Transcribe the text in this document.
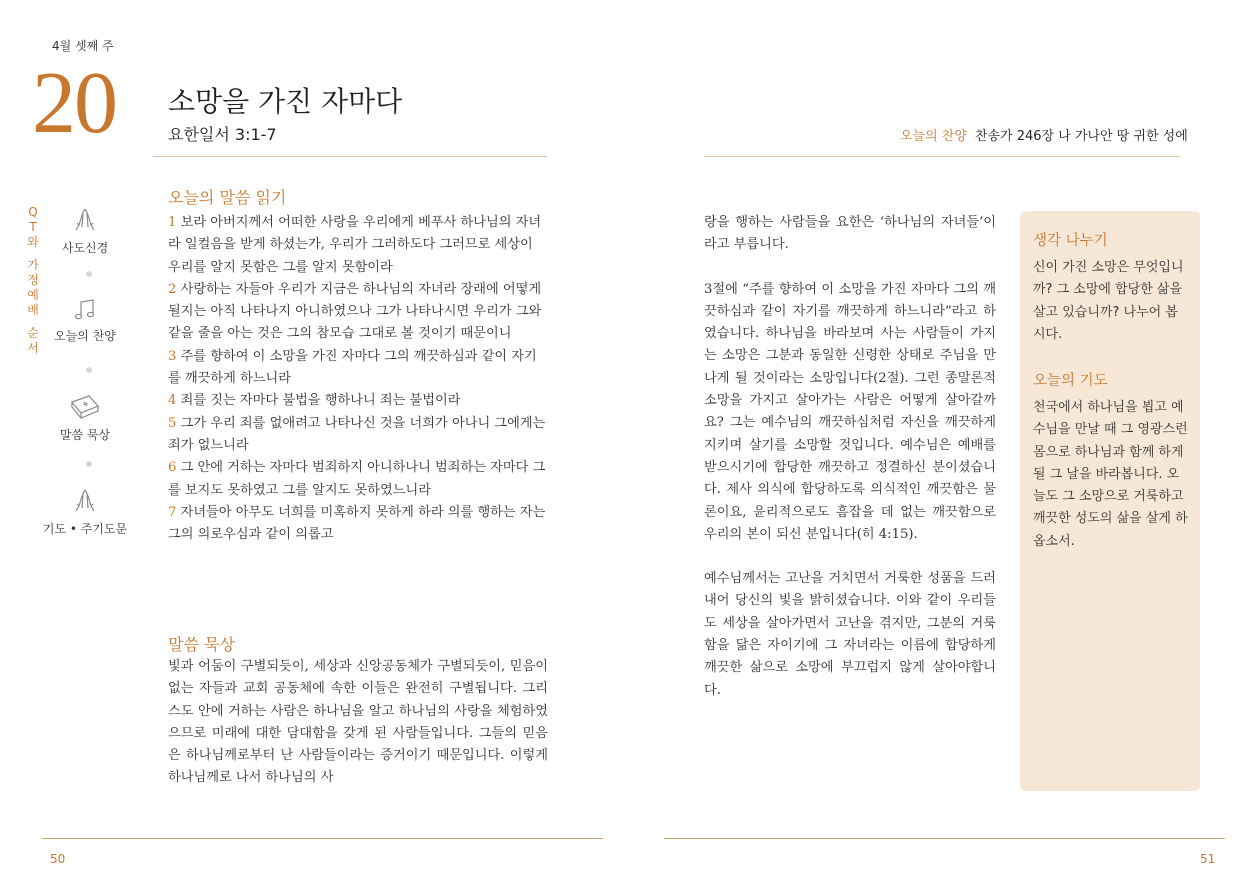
4월 셋째 주
20 소망을 가진 자마다
요한일서 3:1-7	오늘의 찬양 찬송가 246장 나 가나안 땅 귀한 성에
Q
T
와
가
정
예
배
순
서
사도신경
오늘의 찬양
말씀 묵상
기도 • 주기도문
오늘의 말씀 읽기

1 보라 아버지께서 어떠한 사랑을 우리에게 베푸사 하나님의 자녀라 일컬음을 받게 하셨는가, 우리가 그러하도다 그러므로 세상이 우리를 알지 못함은 그를 알지 못함이라

2 사랑하는 자들아 우리가 지금은 하나님의 자녀라 장래에 어떻게 될지는 아직 나타나지 아니하였으나 그가 나타나시면 우리가 그와 같을 줄을 아는 것은 그의 참모습 그대로 볼 것이기 때문이니

3 주를 향하여 이 소망을 가진 자마다 그의 깨끗하심과 같이 자기를 깨끗하게 하느니라

4 죄를 짓는 자마다 불법을 행하나니 죄는 불법이라

5 그가 우리 죄를 없애려고 나타나신 것을 너희가 아나니 그에게는 죄가 없느니라

6 그 안에 거하는 자마다 범죄하지 아니하나니 범죄하는 자마다 그를 보지도 못하였고 그를 알지도 못하였느니라

7 자녀들아 아무도 너희를 미혹하지 못하게 하라 의를 행하는 자는 그의 의로우심과 같이 의롭고

말씀 묵상
빛과 어둠이 구별되듯이, 세상과 신앙공동체가 구별되듯이, 믿음이 없는 자들과 교회 공동체에 속한 이들은 완전히 구별됩니다. 그리스도 안에 거하는 사람은 하나님을 알고 하나님의 사랑을 체험하였으므로 미래에 대한 담대함을 갖게 된 사람들입니다. 그들의 믿음은 하나님께로부터 난 사람들이라는 증거이기 때문입니다. 이렇게 하나님께로 나서 하나님의 사

랑을 행하는 사람들을 요한은 ‘하나님의 자녀들’이라고 부릅니다.

3절에 “주를 향하여 이 소망을 가진 자마다 그의 깨끗하심과 같이 자기를 깨끗하게 하느니라”라고 하였습니다. 하나님을 바라보며 사는 사람들이 가지는 소망은 그분과 동일한 신령한 상태로 주님을 만나게 될 것이라는 소망입니다(2절). 그런 종말론적 소망을 가지고 살아가는 사람은 어떻게 살아갈까요? 그는 예수님의 깨끗하심처럼 자신을 깨끗하게 지키며 살기를 소망할 것입니다. 예수님은 예배를 받으시기에 합당한 깨끗하고 정결하신 분이셨습니다. 제사 의식에 합당하도록 의식적인 깨끗함은 물론이요, 윤리적으로도 흠잡을 데 없는 깨끗함으로 우리의 본이 되신 분입니다(히 4:15).

예수님께서는 고난을 거치면서 거룩한 성품을 드러내어 당신의 빛을 밝히셨습니다. 이와 같이 우리들도 세상을 살아가면서 고난을 겪지만, 그분의 거룩함을 닮은 자이기에 그 자녀라는 이름에 합당하게 깨끗한 삶으로 소망에 부끄럽지 않게 살아야합니다.

생각 나누기
신이 가진 소망은 무엇입니까? 그 소망에 합당한 삶을 살고 있습니까? 나누어 봅시다.
오늘의 기도
천국에서 하나님을 뵙고 예수님을 만날 때 그 영광스런 몸으로 하나님과 함께 하게 될 그 날을 바라봅니다. 오늘도 그 소망으로 거룩하고 깨끗한 성도의 삶을 살게 하옵소서.
50	51
